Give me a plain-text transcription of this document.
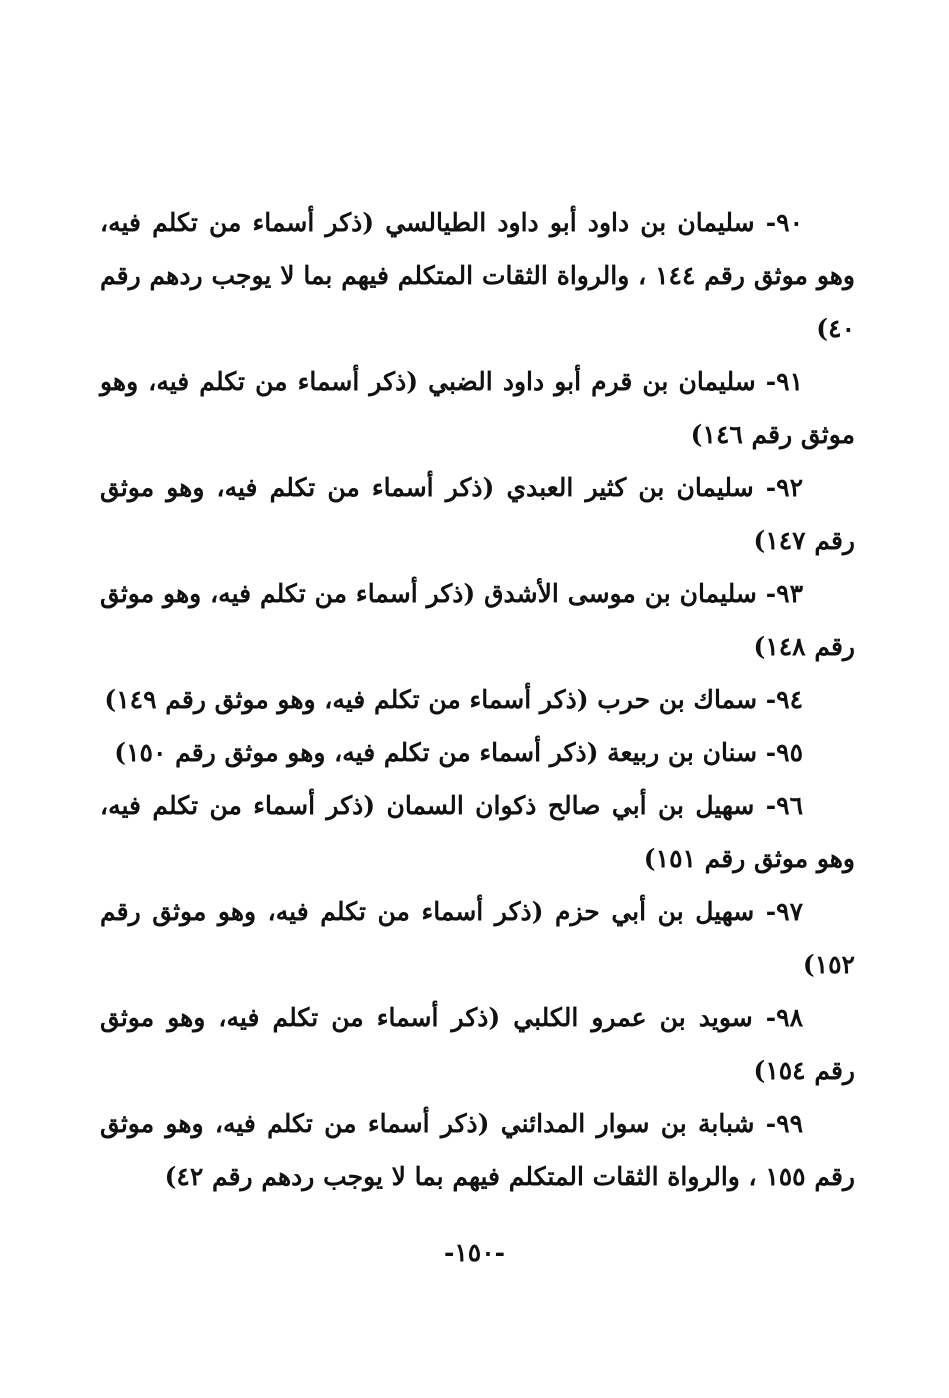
٩٠- سليمان بن داود أبو داود الطيالسي (ذكر أسماء من تكلم فيه، وهو موثق رقم ١٤٤ ، والرواة الثقات المتكلم فيهم بما لا يوجب ردهم رقم ٤٠)

٩١- سليمان بن قرم أبو داود الضبي (ذكر أسماء من تكلم فيه، وهو موثق رقم ١٤٦)

٩٢- سليمان بن كثير العبدي (ذكر أسماء من تكلم فيه، وهو موثق رقم ١٤٧)

٩٣- سليمان بن موسى الأشدق (ذكر أسماء من تكلم فيه، وهو موثق رقم ١٤٨)

٩٤- سماك بن حرب (ذكر أسماء من تكلم فيه، وهو موثق رقم ١٤٩)

٩٥- سنان بن ربيعة (ذكر أسماء من تكلم فيه، وهو موثق رقم ١٥٠)

٩٦- سهيل بن أبي صالح ذكوان السمان (ذكر أسماء من تكلم فيه، وهو موثق رقم ١٥١)

٩٧- سهيل بن أبي حزم (ذكر أسماء من تكلم فيه، وهو موثق رقم ١٥٢)

٩٨- سويد بن عمرو الكلبي (ذكر أسماء من تكلم فيه، وهو موثق رقم ١٥٤)

٩٩- شبابة بن سوار المدائني (ذكر أسماء من تكلم فيه، وهو موثق رقم ١٥٥ ، والرواة الثقات المتكلم فيهم بما لا يوجب ردهم رقم ٤٢)

-١٥٠-
